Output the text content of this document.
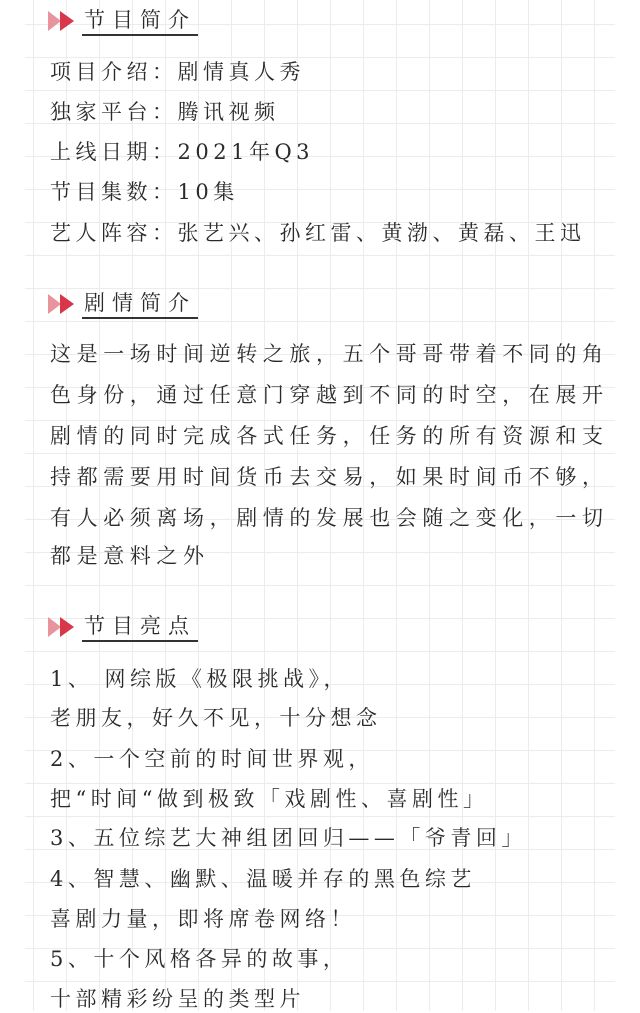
节目简介
项目介绍：剧情真人秀
独家平台：腾讯视频
上线日期：2021年Q3
节目集数：10集
艺人阵容：张艺兴、孙红雷、黄渤、黄磊、王迅
剧情简介
这是一场时间逆转之旅，五个哥哥带着不同的角
色身份，通过任意门穿越到不同的时空，在展开
剧情的同时完成各式任务，任务的所有资源和支
持都需要用时间货币去交易，如果时间币不够，
有人必须离场，剧情的发展也会随之变化，一切
都是意料之外
节目亮点
1、 网综版《极限挑战》，
老朋友，好久不见，十分想念
2、一个空前的时间世界观，
把“时间“做到极致「戏剧性、喜剧性」
3、五位综艺大神组团回归——「爷青回」
4、智慧、幽默、温暖并存的黑色综艺
喜剧力量，即将席卷网络！
5、十个风格各异的故事，
十部精彩纷呈的类型片
